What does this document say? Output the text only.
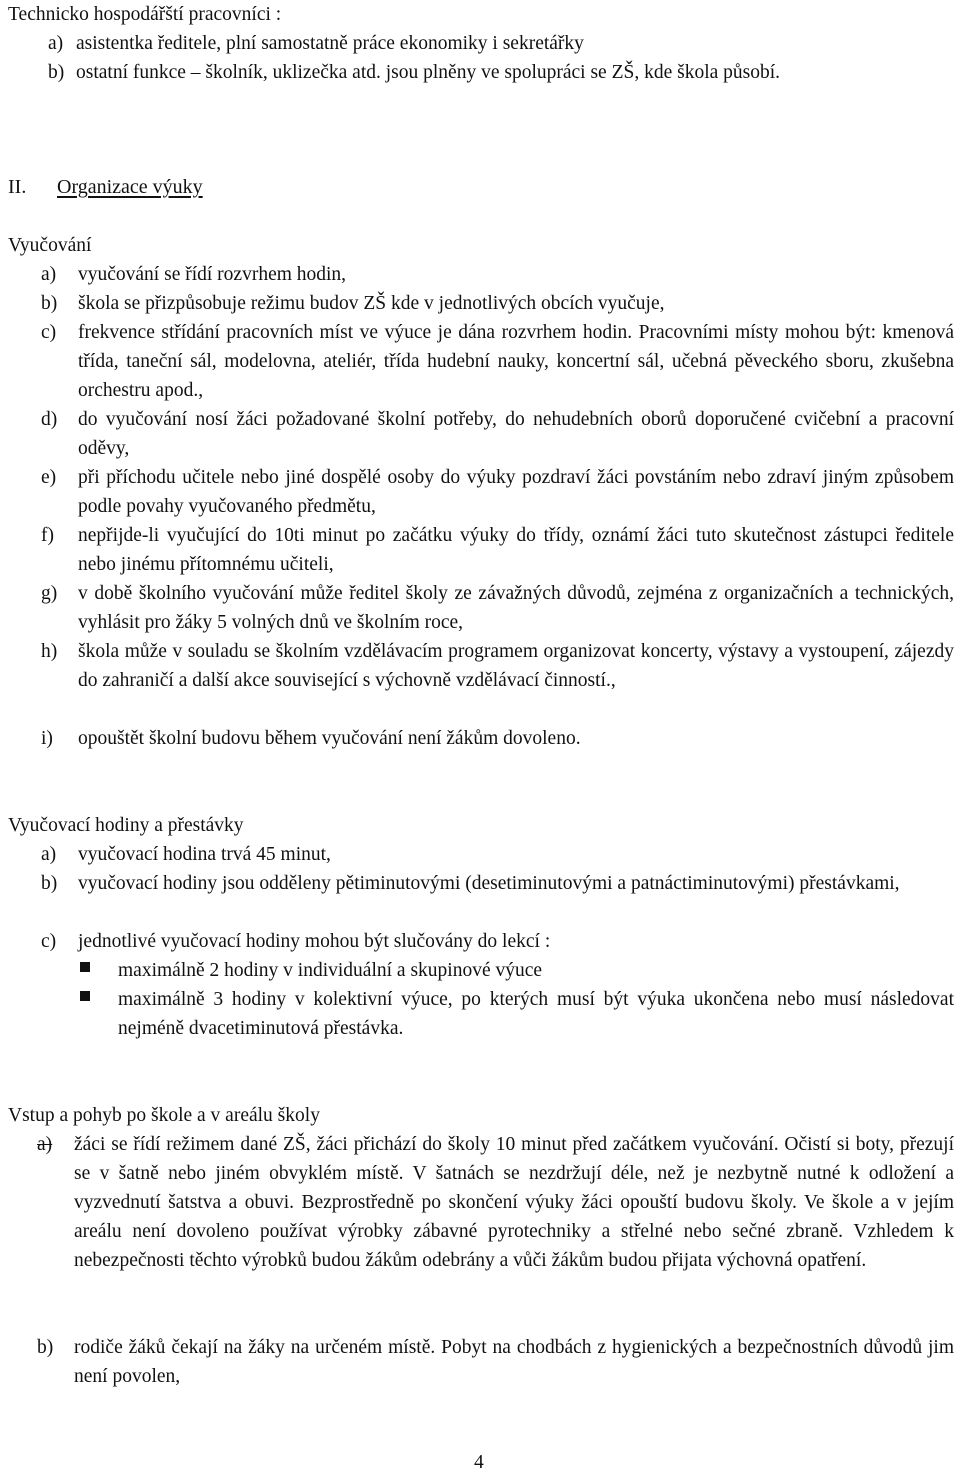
Technicko hospodářští pracovníci :
a) asistentka ředitele, plní samostatně práce ekonomiky i sekretářky
b) ostatní funkce – školník, uklizečka atd. jsou plněny ve spolupráci se ZŠ, kde škola působí.
II. Organizace výuky
Vyučování
a) vyučování se řídí rozvrhem hodin,
b) škola se přizpůsobuje režimu budov ZŠ kde v jednotlivých obcích vyučuje,
c) frekvence střídání pracovních míst ve výuce je dána rozvrhem hodin. Pracovními místy mohou být: kmenová třída, taneční sál, modelovna, ateliér, třída hudební nauky, koncertní sál, učebná pěveckého sboru, zkušebna orchestru apod.,
d) do vyučování nosí žáci požadované školní potřeby, do nehudebních oborů doporučené cvičební a pracovní oděvy,
e) při příchodu učitele nebo jiné dospělé osoby do výuky pozdraví žáci povstáním nebo zdraví jiným způsobem podle povahy vyučovaného předmětu,
f) nepřijde-li vyučující do 10ti minut po začátku výuky do třídy, oznámí žáci tuto skutečnost zástupci ředitele nebo jinému přítomnému učiteli,
g) v době školního vyučování může ředitel školy ze závažných důvodů, zejména z organizačních a technických, vyhlásit pro žáky 5 volných dnů ve školním roce,
h) škola může v souladu se školním vzdělávacím programem organizovat koncerty, výstavy a vystoupení, zájezdy do zahraničí a další akce související s výchovně vzdělávací činností.,
i) opouštět školní budovu během vyučování není žákům dovoleno.
Vyučovací hodiny a přestávky
a) vyučovací hodina trvá 45 minut,
b) vyučovací hodiny jsou odděleny pětiminutovými (desetiminutovými a patnáctiminutovými) přestávkami,
c) jednotlivé vyučovací hodiny mohou být slučovány do lekcí :
maximálně 2 hodiny v individuální a skupinové výuce
maximálně 3 hodiny v kolektivní výuce, po kterých musí být výuka ukončena nebo musí následovat nejméně dvacetiminutová přestávka.
Vstup a pohyb po škole a v areálu školy
a) žáci se řídí režimem dané ZŠ, žáci přichází do školy 10 minut před začátkem vyučování. Očistí si boty, přezují se v šatně nebo jiném obvyklém místě. V šatnách se nezdržují déle, než je nezbytně nutné k odložení a vyzvednutí šatstva a obuvi. Bezprostředně po skončení výuky žáci opouští budovu školy. Ve škole a v jejím areálu není dovoleno používat výrobky zábavné pyrotechniky a střelné nebo sečné zbraně. Vzhledem k nebezpečnosti těchto výrobků budou žákům odebrány a vůči žákům budou přijata výchovná opatření.
b) rodiče žáků čekají na žáky na určeném místě. Pobyt na chodbách z hygienických a bezpečnostních důvodů jim není povolen,
4
